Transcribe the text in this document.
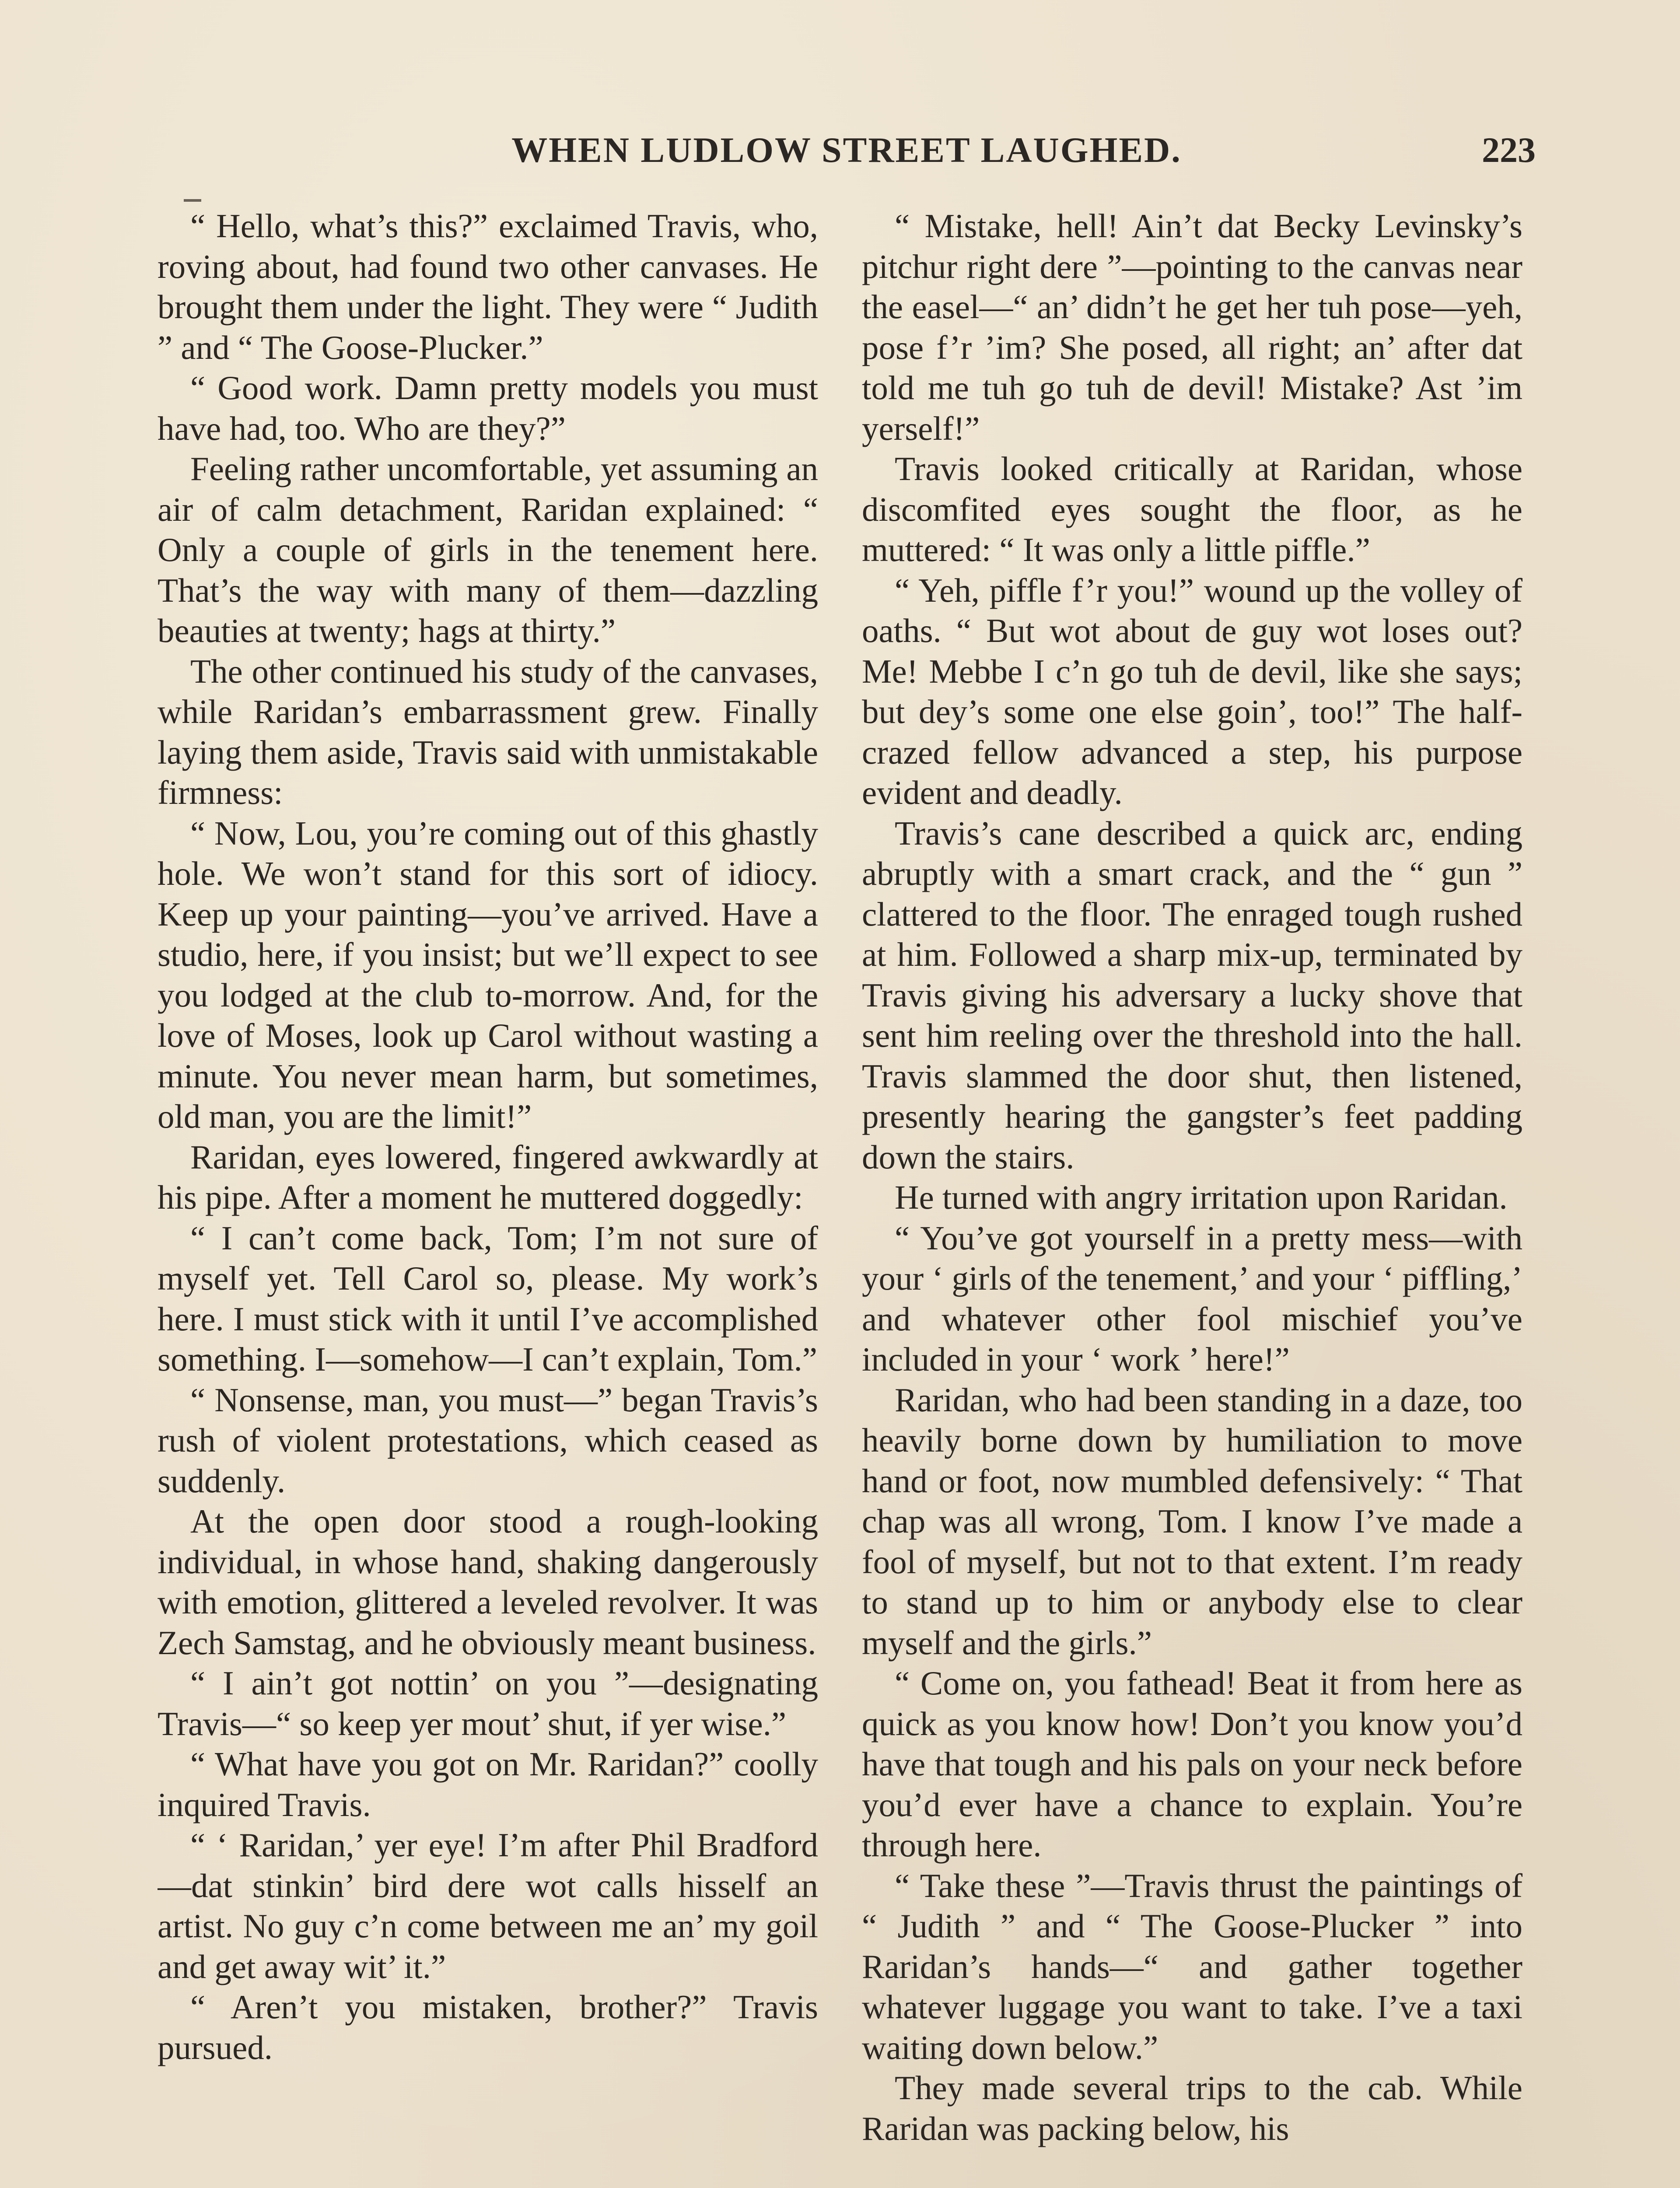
WHEN LUDLOW STREET LAUGHED.	223

“ Hello, what’s this?” exclaimed Travis, who, roving about, had found two other canvases. He brought them under the light. They were “ Judith ” and “ The Goose-Plucker.”

“ Good work. Damn pretty models you must have had, too. Who are they?”

Feeling rather uncomfortable, yet assuming an air of calm detachment, Raridan explained: “ Only a couple of girls in the tenement here. That’s the way with many of them—dazzling beauties at twenty; hags at thirty.”

The other continued his study of the canvases, while Raridan’s embarrassment grew. Finally laying them aside, Travis said with unmistakable firmness:

“ Now, Lou, you’re coming out of this ghastly hole. We won’t stand for this sort of idiocy. Keep up your painting—you’ve arrived. Have a studio, here, if you insist; but we’ll expect to see you lodged at the club to-morrow. And, for the love of Moses, look up Carol without wasting a minute. You never mean harm, but sometimes, old man, you are the limit!”

Raridan, eyes lowered, fingered awkwardly at his pipe. After a moment he muttered doggedly:

“ I can’t come back, Tom; I’m not sure of myself yet. Tell Carol so, please. My work’s here. I must stick with it until I’ve accomplished something. I—somehow—I can’t explain, Tom.”

“ Nonsense, man, you must—” began Travis’s rush of violent protestations, which ceased as suddenly.

At the open door stood a rough-looking individual, in whose hand, shaking dangerously with emotion, glittered a leveled revolver. It was Zech Samstag, and he obviously meant business.

“ I ain’t got nottin’ on you ”—designating Travis—“ so keep yer mout’ shut, if yer wise.”

“ What have you got on Mr. Raridan?” coolly inquired Travis.

“ ‘ Raridan,’ yer eye! I’m after Phil Bradford—dat stinkin’ bird dere wot calls hisself an artist. No guy c’n come between me an’ my goil and get away wit’ it.”

“ Aren’t you mistaken, brother?” Travis pursued.

“ Mistake, hell! Ain’t dat Becky Levinsky’s pitchur right dere ”—pointing to the canvas near the easel—“ an’ didn’t he get her tuh pose—yeh, pose f’r ’im? She posed, all right; an’ after dat told me tuh go tuh de devil! Mistake? Ast ’im yerself!”

Travis looked critically at Raridan, whose discomfited eyes sought the floor, as he muttered: “ It was only a little piffle.”

“ Yeh, piffle f’r you!” wound up the volley of oaths. “ But wot about de guy wot loses out? Me! Mebbe I c’n go tuh de devil, like she says; but dey’s some one else goin’, too!” The half-crazed fellow advanced a step, his purpose evident and deadly.

Travis’s cane described a quick arc, ending abruptly with a smart crack, and the “ gun ” clattered to the floor. The enraged tough rushed at him. Followed a sharp mix-up, terminated by Travis giving his adversary a lucky shove that sent him reeling over the threshold into the hall. Travis slammed the door shut, then listened, presently hearing the gangster’s feet padding down the stairs.

He turned with angry irritation upon Raridan.

“ You’ve got yourself in a pretty mess—with your ‘ girls of the tenement,’ and your ‘ piffling,’ and whatever other fool mischief you’ve included in your ‘ work ’ here!”

Raridan, who had been standing in a daze, too heavily borne down by humiliation to move hand or foot, now mumbled defensively: “ That chap was all wrong, Tom. I know I’ve made a fool of myself, but not to that extent. I’m ready to stand up to him or anybody else to clear myself and the girls.”

“ Come on, you fathead! Beat it from here as quick as you know how! Don’t you know you’d have that tough and his pals on your neck before you’d ever have a chance to explain. You’re through here.

“ Take these ”—Travis thrust the paintings of “ Judith ” and “ The Goose-Plucker ” into Raridan’s hands—“ and gather together whatever luggage you want to take. I’ve a taxi waiting down below.”

They made several trips to the cab. While Raridan was packing below, his
